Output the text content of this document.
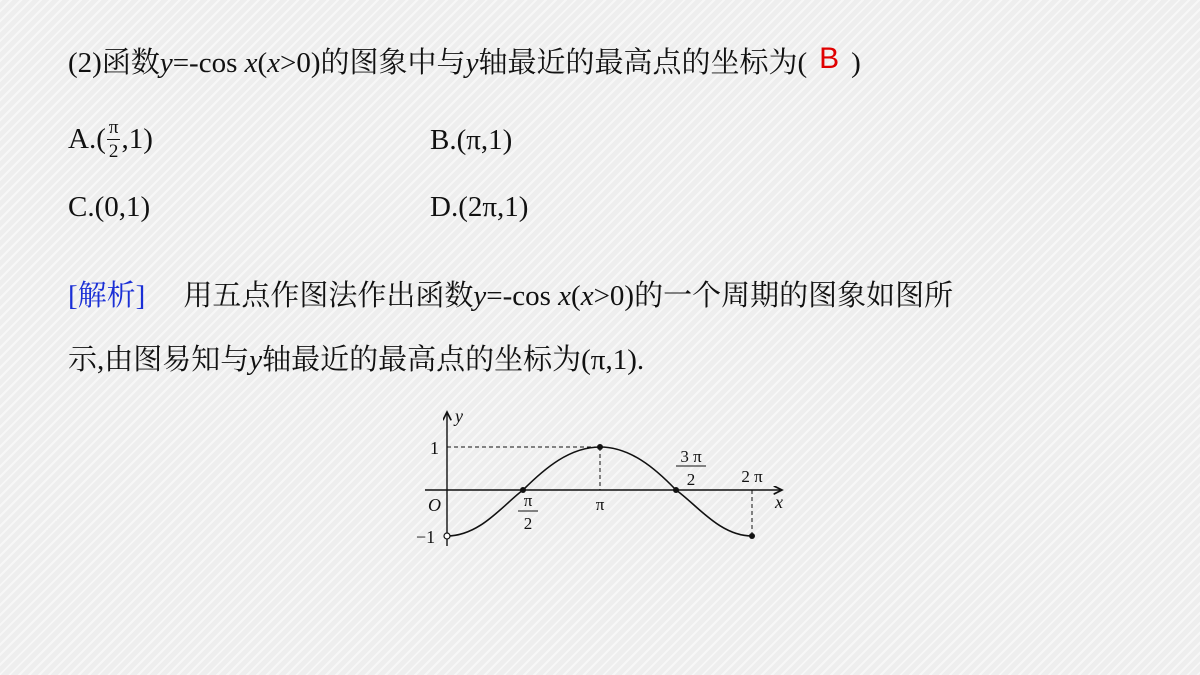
(2)函数y=-cos x(x>0)的图象中与y轴最近的最高点的坐标为( B )
$A.( \frac{\pi}{2} ,1)$	B.(π,1)
C.(0,1)	D.(2π,1)
[解析] 用五点作图法作出函数y=-cos x(x>0)的一个周期的图象如图所
示,由图易知与y轴最近的最高点的坐标为(π,1).
y
x
O
1
−1
π
2
π
3 π
2	2 π
